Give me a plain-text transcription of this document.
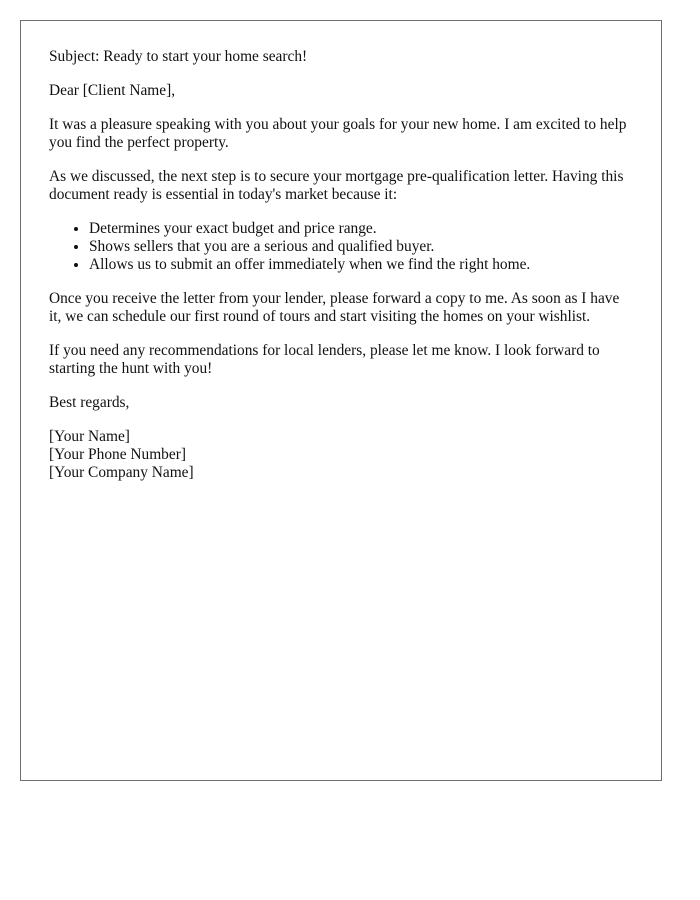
Subject: Ready to start your home search!

Dear [Client Name],

It was a pleasure speaking with you about your goals for your new home. I am excited to help you find the perfect property.

As we discussed, the next step is to secure your mortgage pre-qualification letter. Having this document ready is essential in today's market because it:

• Determines your exact budget and price range.
• Shows sellers that you are a serious and qualified buyer.
• Allows us to submit an offer immediately when we find the right home.

Once you receive the letter from your lender, please forward a copy to me. As soon as I have it, we can schedule our first round of tours and start visiting the homes on your wishlist.

If you need any recommendations for local lenders, please let me know. I look forward to starting the hunt with you!

Best regards,

[Your Name]
[Your Phone Number]
[Your Company Name]
